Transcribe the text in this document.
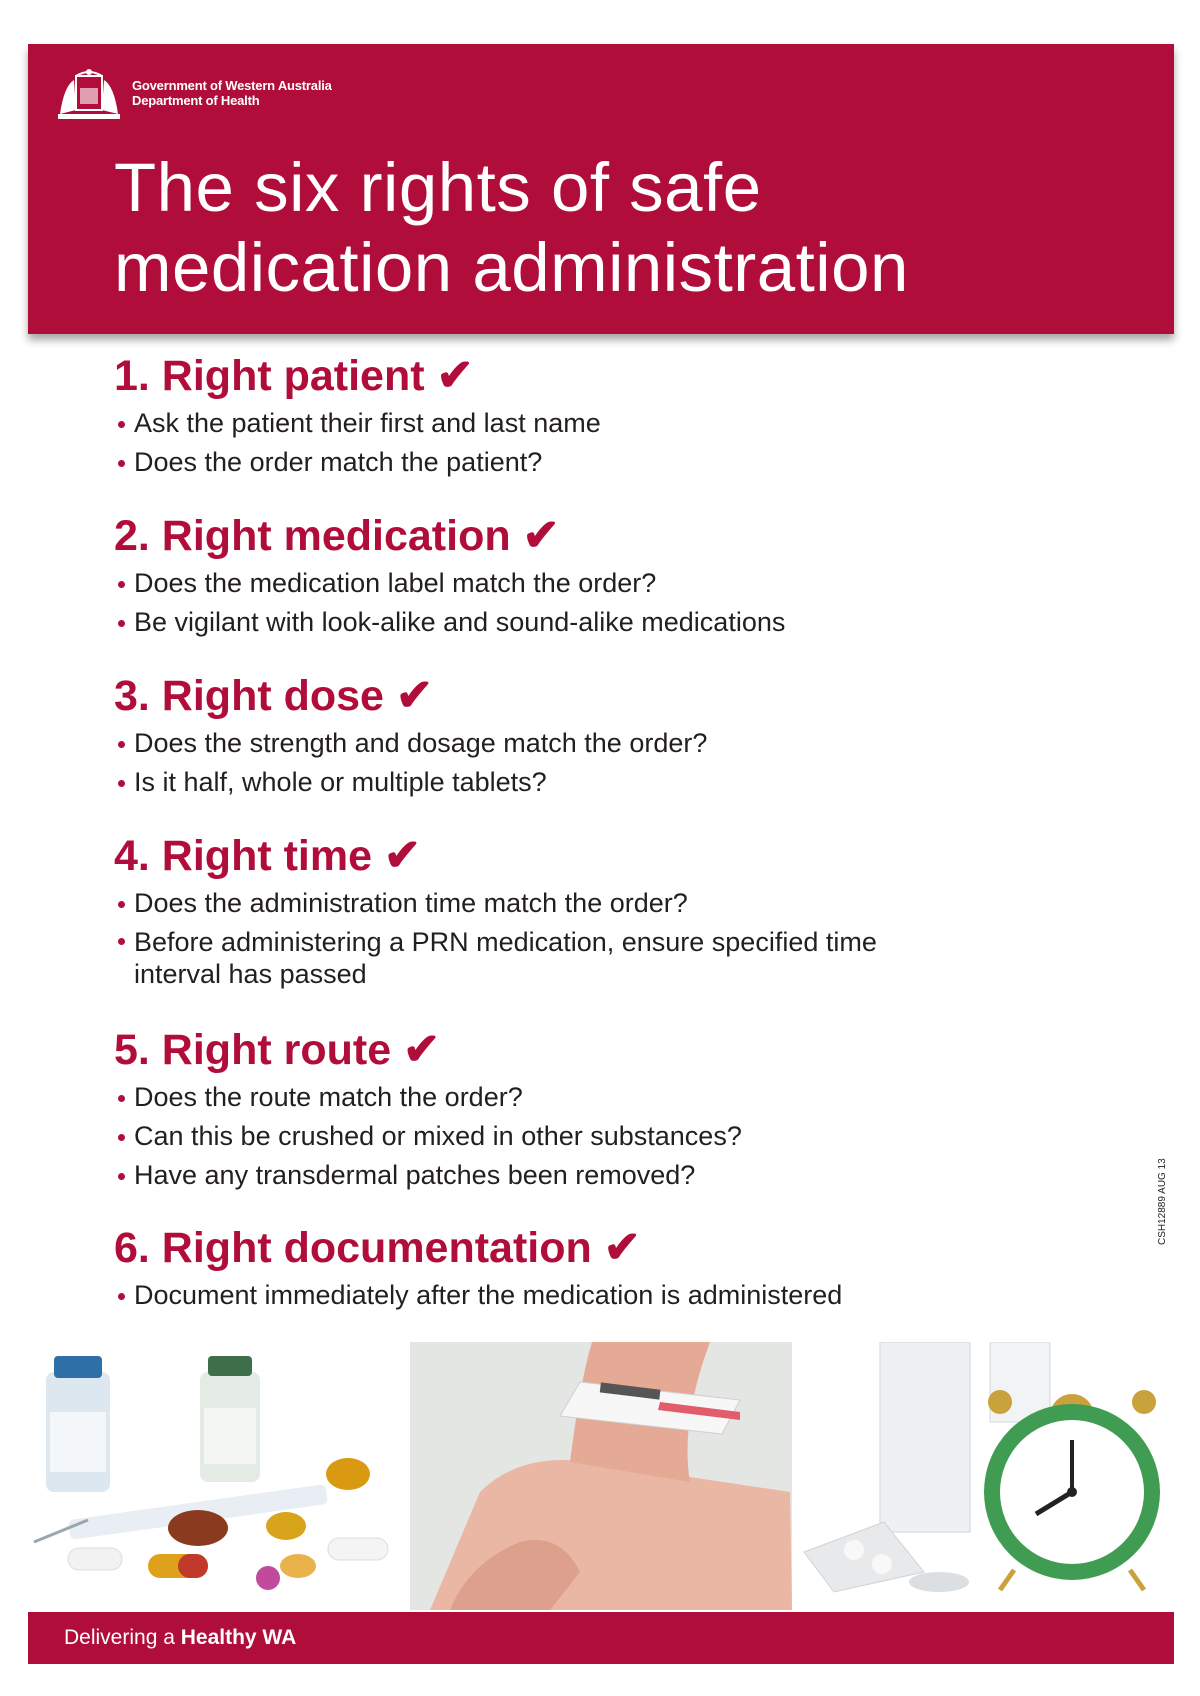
Government of Western Australia
Department of Health
The six rights of safe
medication administration
1. Right patient ✔
Ask the patient their first and last name
Does the order match the patient?
2. Right medication ✔
Does the medication label match the order?
Be vigilant with look-alike and sound-alike medications
3. Right dose ✔
Does the strength and dosage match the order?
Is it half, whole or multiple tablets?
4. Right time ✔
Does the administration time match the order?
Before administering a PRN medication, ensure specified time interval has passed
5. Right route ✔
Does the route match the order?
Can this be crushed or mixed in other substances?
Have any transdermal patches been removed?
6. Right documentation ✔
Document immediately after the medication is administered
CSH12889 AUG 13
Delivering a Healthy WA
